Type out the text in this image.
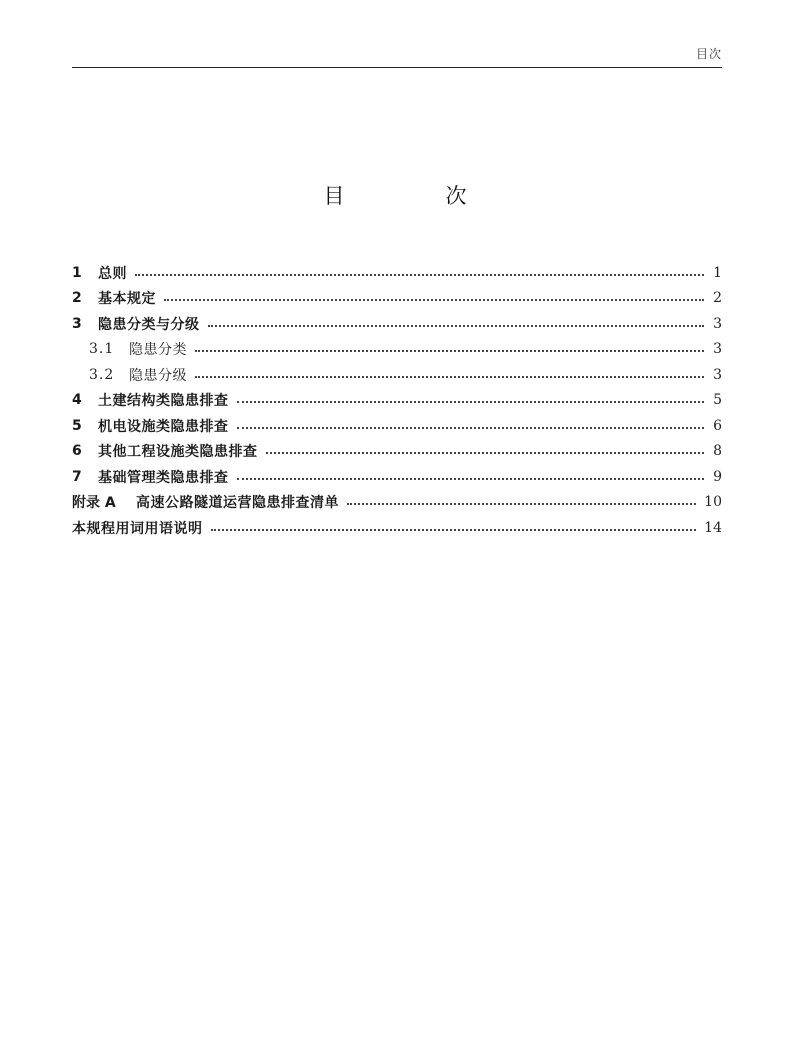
目次
目　次
1	总则	1
2	基本规定	2
3	隐患分类与分级	3
3.1	隐患分类	3
3.2	隐患分级	3
4	土建结构类隐患排查	5
5	机电设施类隐患排查	6
6	其他工程设施类隐患排查	8
7	基础管理类隐患排查	9
附录 A	高速公路隧道运营隐患排查清单	10
本规程用词用语说明	14
